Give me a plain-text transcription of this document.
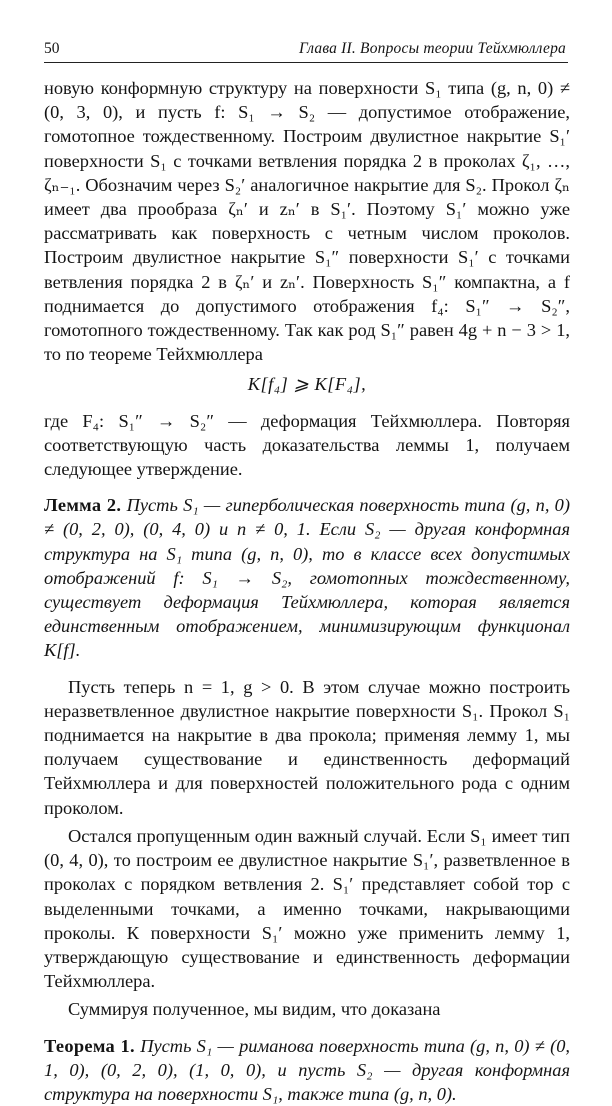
50	Глава II. Вопросы теории Тейхмюллера

новую конформную структуру на поверхности S₁ типа (g, n, 0) ≠ (0, 3, 0), и пусть f: S₁ → S₂ — допустимое отображение, гомотопное тождественному. Построим двулистное накрытие S₁′ поверхности S₁ с точками ветвления порядка 2 в проколах ζ₁, …, ζₙ₋₁. Обозначим через S₂′ аналогичное накрытие для S₂. Прокол ζₙ имеет два прообраза ζₙ′ и zₙ′ в S₁′. Поэтому S₁′ можно уже рассматривать как поверхность с четным числом проколов. Построим двулистное накрытие S₁″ поверхности S₁′ с точками ветвления порядка 2 в ζₙ′ и zₙ′. Поверхность S₁″ компактна, а f поднимается до допустимого отображения f₄: S₁″ → S₂″, гомотопного тождественному. Так как род S₁″ равен 4g + n − 3 > 1, то по теореме Тейхмюллера

K[f₄] ⩾ K[F₄],

где F₄: S₁″ → S₂″ — деформация Тейхмюллера. Повторяя соответствующую часть доказательства леммы 1, получаем следующее утверждение.

Лемма 2. Пусть S₁ — гиперболическая поверхность типа (g, n, 0) ≠ (0, 2, 0), (0, 4, 0) и n ≠ 0, 1. Если S₂ — другая конформная структура на S₁ типа (g, n, 0), то в классе всех допустимых отображений f: S₁ → S₂, гомотопных тождественному, существует деформация Тейхмюллера, которая является единственным отображением, минимизирующим функционал K[f].

Пусть теперь n = 1, g > 0. В этом случае можно построить неразветвленное двулистное накрытие поверхности S₁. Прокол S₁ поднимается на накрытие в два прокола; применяя лемму 1, мы получаем существование и единственность деформаций Тейхмюллера и для поверхностей положительного рода с одним проколом.

Остался пропущенным один важный случай. Если S₁ имеет тип (0, 4, 0), то построим ее двулистное накрытие S₁′, разветвленное в проколах с порядком ветвления 2. S₁′ представляет собой тор с выделенными точками, а именно точками, накрывающими проколы. К поверхности S₁′ можно уже применить лемму 1, утверждающую существование и единственность деформации Тейхмюллера.

Суммируя полученное, мы видим, что доказана

Теорема 1. Пусть S₁ — риманова поверхность типа (g, n, 0) ≠ (0, 1, 0), (0, 2, 0), (1, 0, 0), и пусть S₂ — другая конформная структура на поверхности S₁, также типа (g, n, 0).
